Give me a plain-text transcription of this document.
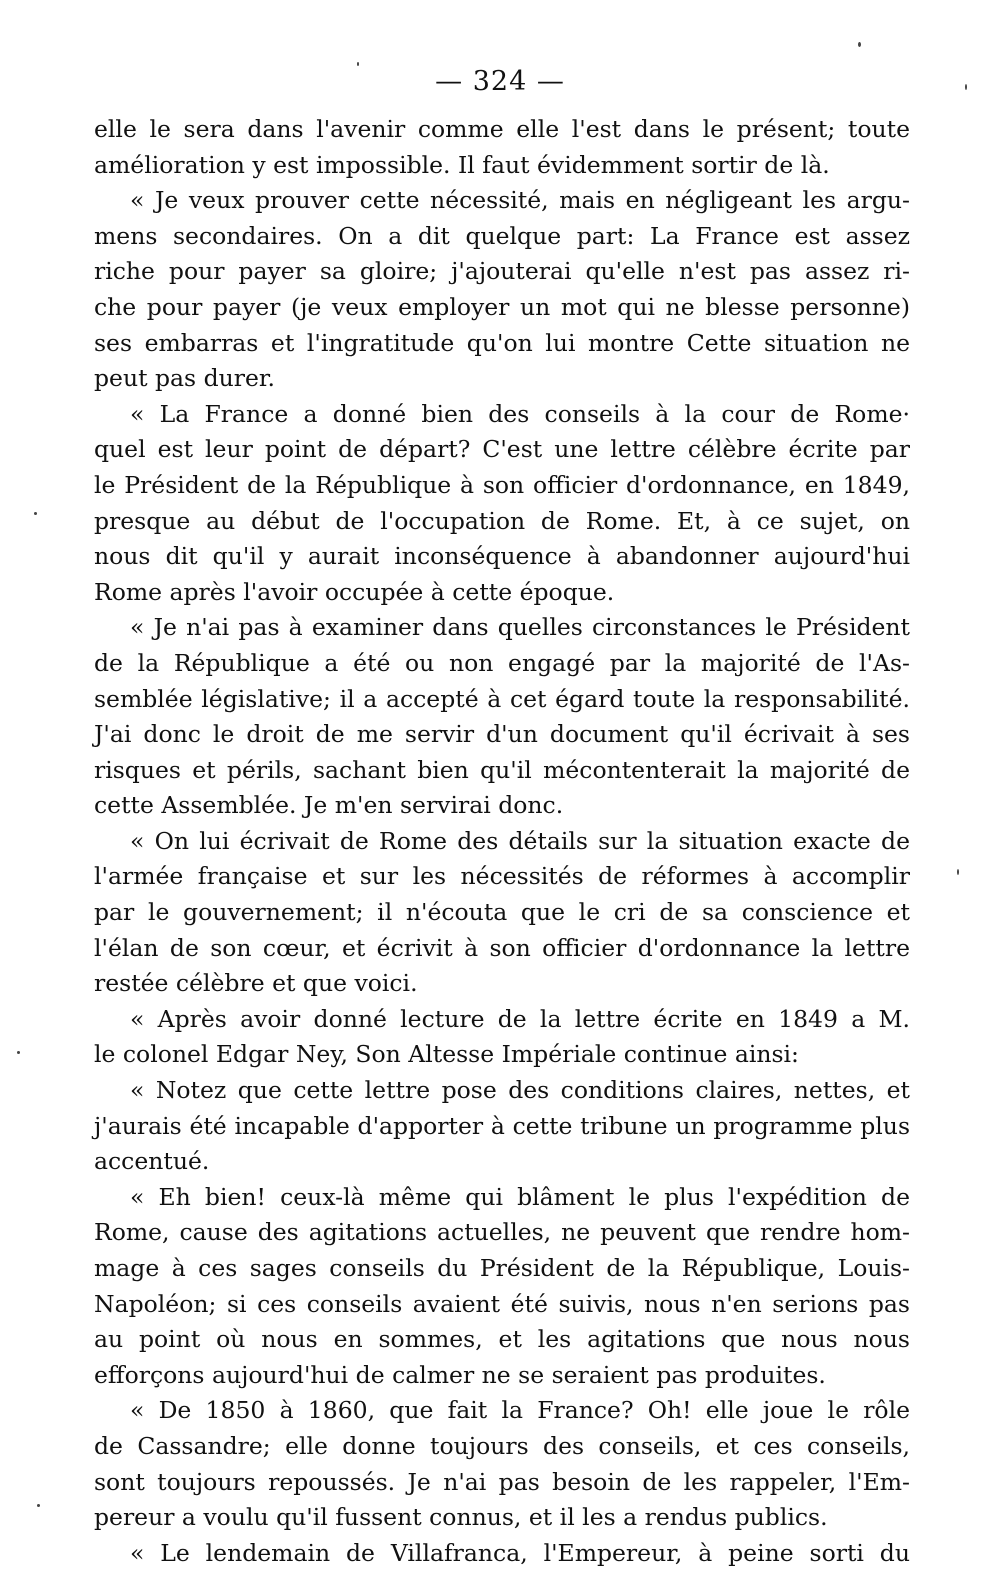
— 324 —
elle le sera dans l'avenir comme elle l'est dans le présent; toute
amélioration y est impossible. Il faut évidemment sortir de là.
« Je veux prouver cette nécessité, mais en négligeant les argu-
mens secondaires. On a dit quelque part: La France est assez
riche pour payer sa gloire; j'ajouterai qu'elle n'est pas assez ri-
che pour payer (je veux employer un mot qui ne blesse personne)
ses embarras et l'ingratitude qu'on lui montre Cette situation ne
peut pas durer.
« La France a donné bien des conseils à la cour de Rome·
quel est leur point de départ? C'est une lettre célèbre écrite par
le Président de la République à son officier d'ordonnance, en 1849,
presque au début de l'occupation de Rome. Et, à ce sujet, on
nous dit qu'il y aurait inconséquence à abandonner aujourd'hui
Rome après l'avoir occupée à cette époque.
« Je n'ai pas à examiner dans quelles circonstances le Président
de la République a été ou non engagé par la majorité de l'As-
semblée législative; il a accepté à cet égard toute la responsabilité.
J'ai donc le droit de me servir d'un document qu'il écrivait à ses
risques et périls, sachant bien qu'il mécontenterait la majorité de
cette Assemblée. Je m'en servirai donc.
« On lui écrivait de Rome des détails sur la situation exacte de
l'armée française et sur les nécessités de réformes à accomplir
par le gouvernement; il n'écouta que le cri de sa conscience et
l'élan de son cœur, et écrivit à son officier d'ordonnance la lettre
restée célèbre et que voici.
« Après avoir donné lecture de la lettre écrite en 1849 a M.
le colonel Edgar Ney, Son Altesse Impériale continue ainsi:
« Notez que cette lettre pose des conditions claires, nettes, et
j'aurais été incapable d'apporter à cette tribune un programme plus
accentué.
« Eh bien! ceux-là même qui blâment le plus l'expédition de
Rome, cause des agitations actuelles, ne peuvent que rendre hom-
mage à ces sages conseils du Président de la République, Louis-
Napoléon; si ces conseils avaient été suivis, nous n'en serions pas
au point où nous en sommes, et les agitations que nous nous
efforçons aujourd'hui de calmer ne se seraient pas produites.
« De 1850 à 1860, que fait la France? Oh! elle joue le rôle
de Cassandre; elle donne toujours des conseils, et ces conseils,
sont toujours repoussés. Je n'ai pas besoin de les rappeler, l'Em-
pereur a voulu qu'il fussent connus, et il les a rendus publics.
« Le lendemain de Villafranca, l'Empereur, à peine sorti du
